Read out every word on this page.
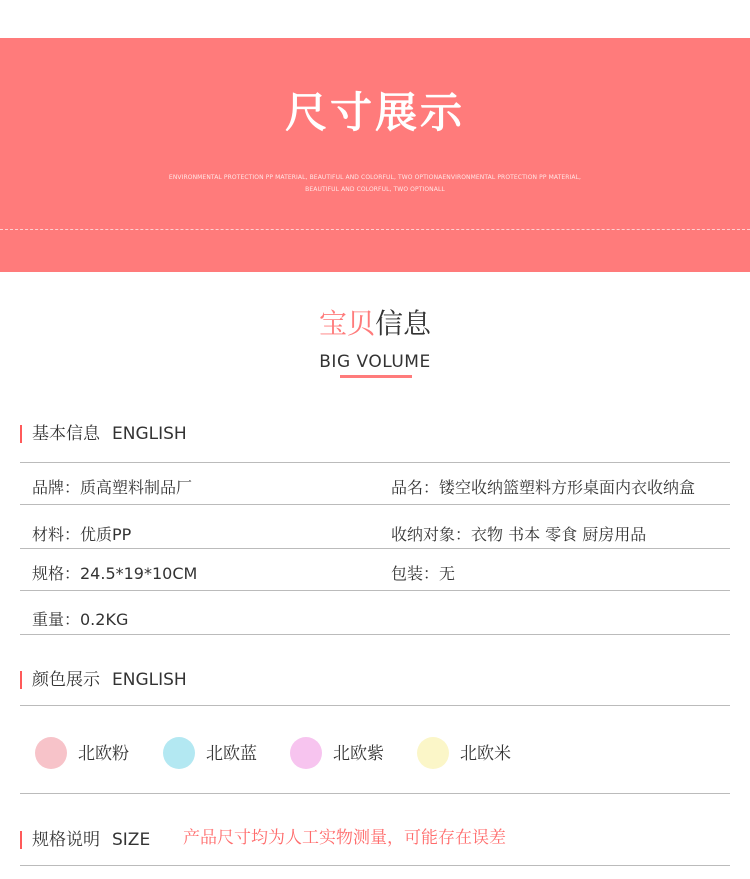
尺寸展示
ENVIRONMENTAL PROTECTION PP MATERIAL, BEAUTIFUL AND COLORFUL, TWO OPTIONAENVIRONMENTAL PROTECTION PP MATERIAL, BEAUTIFUL AND COLORFUL, TWO OPTIONALL
宝贝信息
BIG VOLUME
基本信息 ENGLISH
品牌：质高塑料制品厂	品名：镂空收纳篮塑料方形桌面内衣收纳盒
材料：优质PP	收纳对象：衣物 书本 零食 厨房用品
规格：24.5*19*10CM	包装：无
重量：0.2KG
颜色展示 ENGLISH
北欧粉	北欧蓝	北欧紫	北欧米
规格说明 SIZE 产品尺寸均为人工实物测量，可能存在误差
